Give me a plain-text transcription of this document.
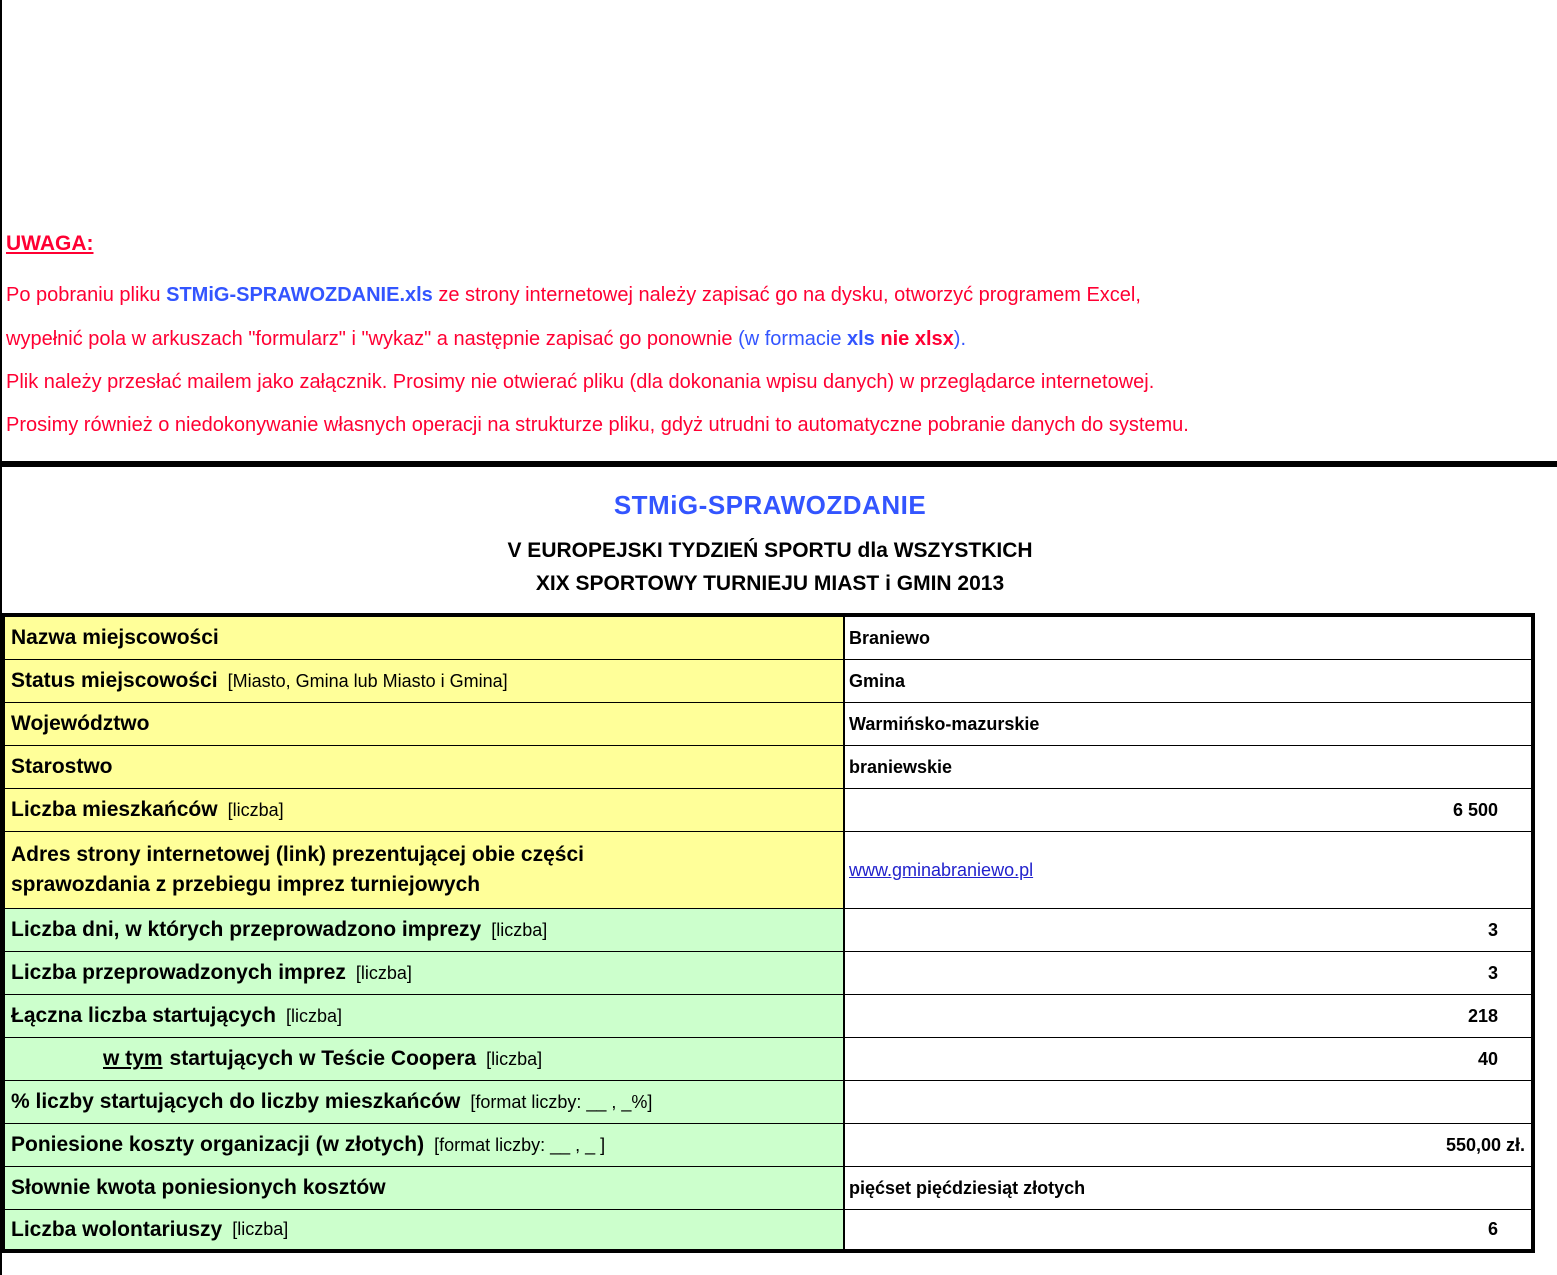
UWAGA:
Po pobraniu pliku STMiG-SPRAWOZDANIE.xls ze strony internetowej należy zapisać go na dysku, otworzyć programem Excel,
wypełnić pola w arkuszach "formularz" i "wykaz" a następnie zapisać go ponownie (w formacie xls nie xlsx).
Plik należy przesłać mailem jako załącznik. Prosimy nie otwierać pliku (dla dokonania wpisu danych) w przeglądarce internetowej.
Prosimy również o niedokonywanie własnych operacji na strukturze pliku, gdyż utrudni to automatyczne pobranie danych do systemu.
STMiG-SPRAWOZDANIE
V EUROPEJSKI TYDZIEŃ SPORTU dla WSZYSTKICH
XIX SPORTOWY TURNIEJU MIAST i GMIN 2013
Nazwa miejscowości	Braniewo
Status miejscowości [Miasto, Gmina lub Miasto i Gmina]	Gmina
Województwo	Warmińsko-mazurskie
Starostwo	braniewskie
Liczba mieszkańców [liczba]	6 500
Adres strony internetowej (link) prezentującej obie części
sprawozdania z przebiegu imprez turniejowych
www.gminabraniewo.pl
Liczba dni, w których przeprowadzono imprezy [liczba]	3
Liczba przeprowadzonych imprez [liczba]	3
Łączna liczba startujących [liczba]	218
w tym startujących w Teście Coopera [liczba]	40
% liczby startujących do liczby mieszkańców [format liczby: __ , _%]
Poniesione koszty organizacji (w złotych) [format liczby: __ , _ ]	550,00 zł.
Słownie kwota poniesionych kosztów	pięćset pięćdziesiąt złotych
Liczba wolontariuszy [liczba]	6
